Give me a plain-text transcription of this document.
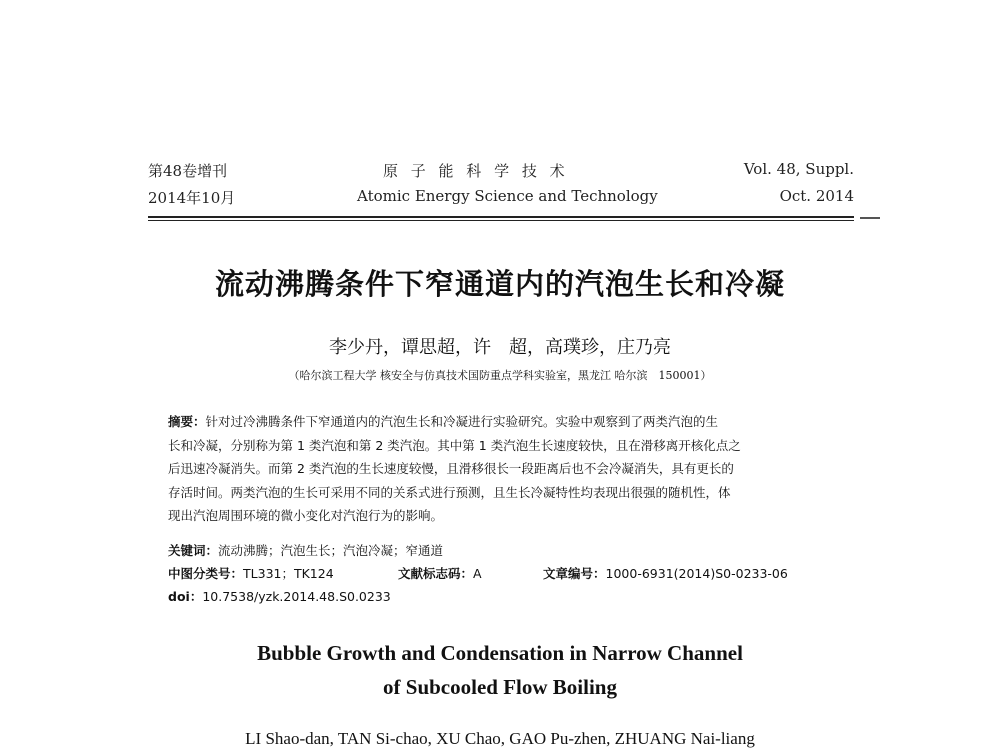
第48卷增刊
2014年10月
原 子 能 科 学 技 术
Atomic Energy Science and Technology
Vol. 48, Suppl.
Oct. 2014
流动沸腾条件下窄通道内的汽泡生长和冷凝
李少丹，谭思超，许　超，高璞珍，庄乃亮
（哈尔滨工程大学 核安全与仿真技术国防重点学科实验室，黑龙江 哈尔滨　150001）
摘要：针对过冷沸腾条件下窄通道内的汽泡生长和冷凝进行实验研究。实验中观察到了两类汽泡的生
长和冷凝，分别称为第 1 类汽泡和第 2 类汽泡。其中第 1 类汽泡生长速度较快，且在滑移离开核化点之
后迅速冷凝消失。而第 2 类汽泡的生长速度较慢，且滑移很长一段距离后也不会冷凝消失，具有更长的
存活时间。两类汽泡的生长可采用不同的关系式进行预测，且生长冷凝特性均表现出很强的随机性，体
现出汽泡周围环境的微小变化对汽泡行为的影响。
关键词：流动沸腾；汽泡生长；汽泡冷凝；窄通道
中图分类号：TL331；TK124	文献标志码：A	文章编号：1000-6931(2014)S0-0233-06
doi：10.7538/yzk.2014.48.S0.0233
Bubble Growth and Condensation in Narrow Channel
of Subcooled Flow Boiling
LI Shao-dan, TAN Si-chao, XU Chao, GAO Pu-zhen, ZHUANG Nai-liang
